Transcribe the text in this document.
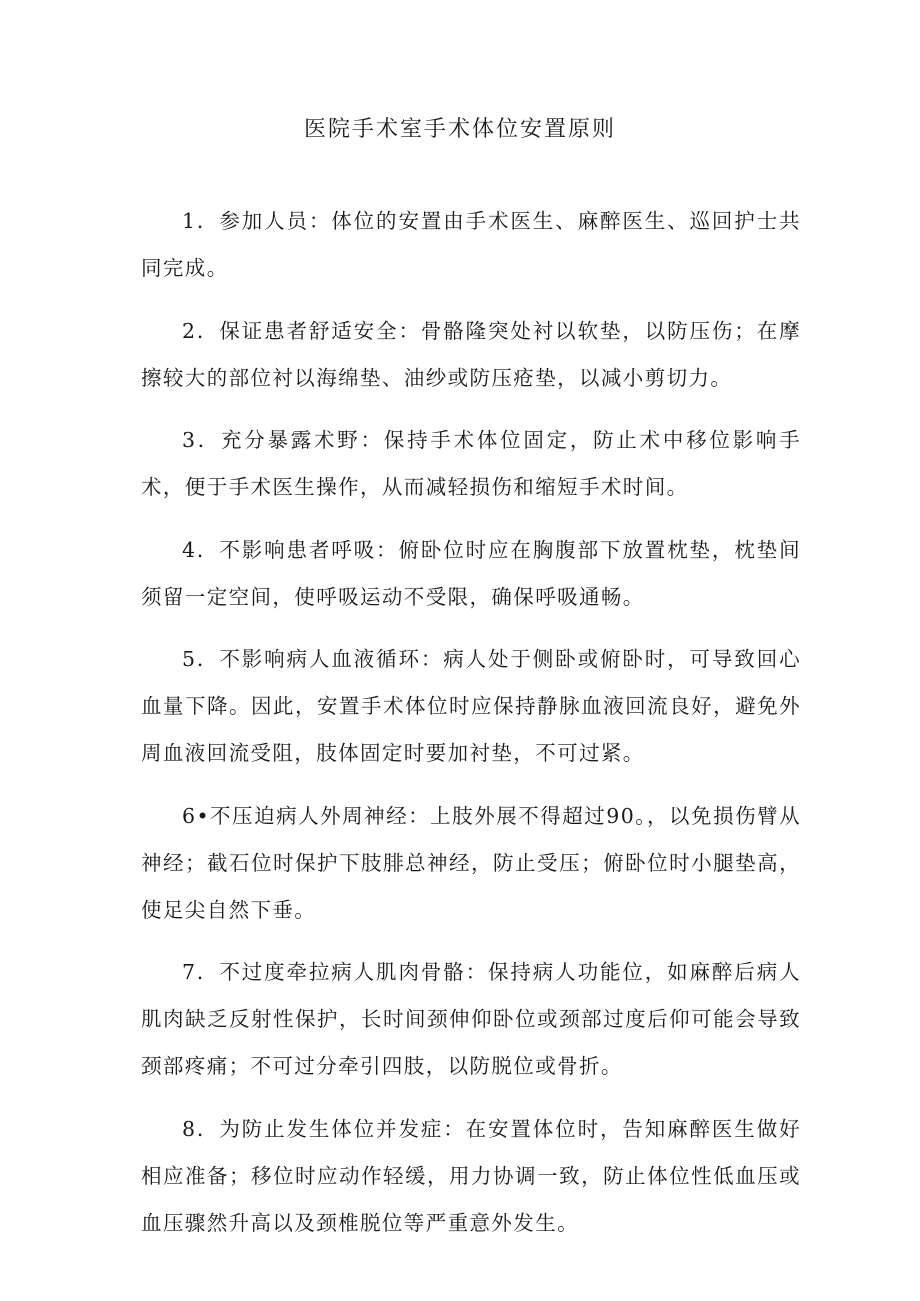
医院手术室手术体位安置原则

1．参加人员：体位的安置由手术医生、麻醉医生、巡回护士共同完成。

2．保证患者舒适安全：骨骼隆突处衬以软垫，以防压伤；在摩擦较大的部位衬以海绵垫、油纱或防压疮垫，以减小剪切力。

3．充分暴露术野：保持手术体位固定，防止术中移位影响手术，便于手术医生操作，从而减轻损伤和缩短手术时间。

4．不影响患者呼吸：俯卧位时应在胸腹部下放置枕垫，枕垫间须留一定空间，使呼吸运动不受限，确保呼吸通畅。

5．不影响病人血液循环：病人处于侧卧或俯卧时，可导致回心血量下降。因此，安置手术体位时应保持静脉血液回流良好，避免外周血液回流受阻，肢体固定时要加衬垫，不可过紧。

6•不压迫病人外周神经：上肢外展不得超过90。，以免损伤臂从神经；截石位时保护下肢腓总神经，防止受压；俯卧位时小腿垫高，使足尖自然下垂。

7．不过度牵拉病人肌肉骨骼：保持病人功能位，如麻醉后病人肌肉缺乏反射性保护，长时间颈伸仰卧位或颈部过度后仰可能会导致颈部疼痛；不可过分牵引四肢，以防脱位或骨折。

8．为防止发生体位并发症：在安置体位时，告知麻醉医生做好相应准备；移位时应动作轻缓，用力协调一致，防止体位性低血压或血压骤然升高以及颈椎脱位等严重意外发生。
